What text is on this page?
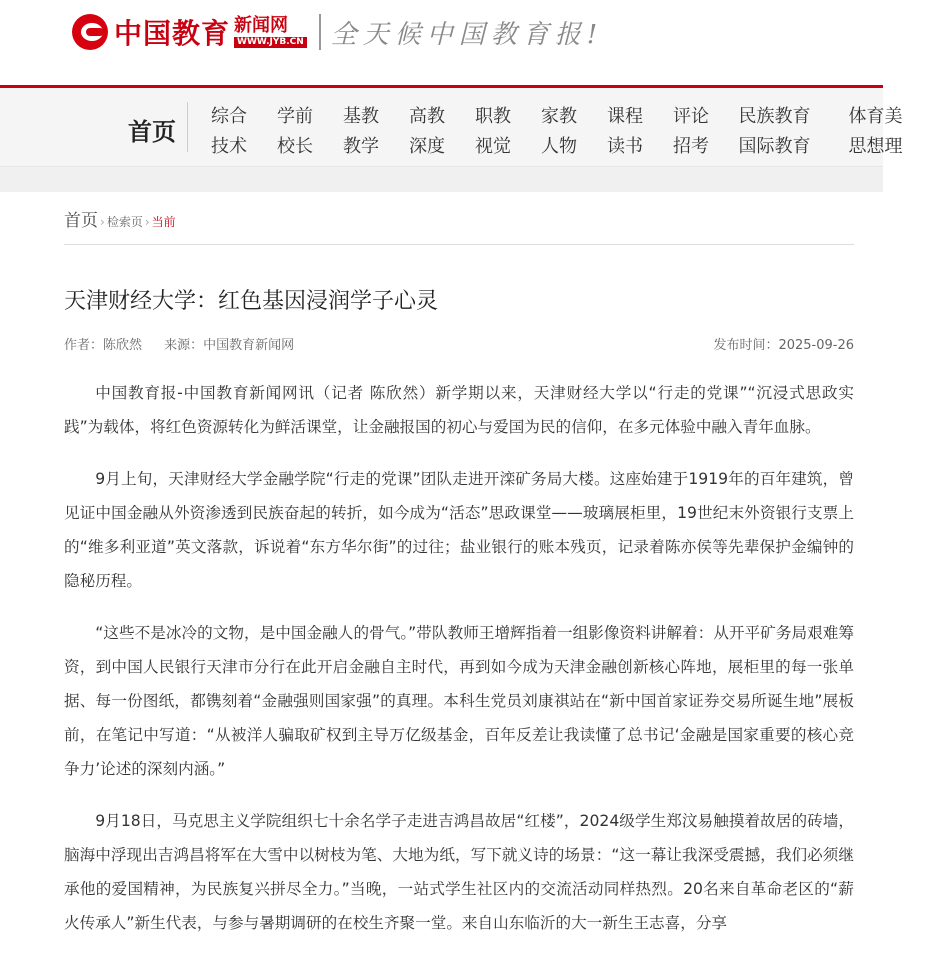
中国教育 新闻网
WWW.JYB.CN 全天候中国教育报!
首页
综合	学前	基教	高教	职教	家教	课程	评论	民族教育	体育美
技术	校长	教学	深度	视觉	人物	读书	招考	国际教育	思想理
首页 › 检索页 › 当前
天津财经大学：红色基因浸润学子心灵
作者：陈欣然 来源：中国教育新闻网	发布时间：2025-09-26

中国教育报-中国教育新闻网讯（记者 陈欣然）新学期以来，天津财经大学以“行走的党课”“沉浸式思政实践”为载体，将红色资源转化为鲜活课堂，让金融报国的初心与爱国为民的信仰，在多元体验中融入青年血脉。

9月上旬，天津财经大学金融学院“行走的党课”团队走进开滦矿务局大楼。这座始建于1919年的百年建筑，曾见证中国金融从外资渗透到民族奋起的转折，如今成为“活态”思政课堂——玻璃展柜里，19世纪末外资银行支票上的“维多利亚道”英文落款，诉说着“东方华尔街”的过往；盐业银行的账本残页，记录着陈亦侯等先辈保护金编钟的隐秘历程。

“这些不是冰冷的文物，是中国金融人的骨气。”带队教师王增辉指着一组影像资料讲解着：从开平矿务局艰难筹资，到中国人民银行天津市分行在此开启金融自主时代，再到如今成为天津金融创新核心阵地，展柜里的每一张单据、每一份图纸，都镌刻着“金融强则国家强”的真理。本科生党员刘康祺站在“新中国首家证券交易所诞生地”展板前，在笔记中写道：“从被洋人骗取矿权到主导万亿级基金，百年反差让我读懂了总书记‘金融是国家重要的核心竞争力’论述的深刻内涵。”

9月18日，马克思主义学院组织七十余名学子走进吉鸿昌故居“红楼”，2024级学生郑汶易触摸着故居的砖墙，脑海中浮现出吉鸿昌将军在大雪中以树枝为笔、大地为纸，写下就义诗的场景：“这一幕让我深受震撼，我们必须继承他的爱国精神，为民族复兴拼尽全力。”当晚，一站式学生社区内的交流活动同样热烈。20名来自革命老区的“薪火传承人”新生代表，与参与暑期调研的在校生齐聚一堂。来自山东临沂的大一新生王志喜，分享
